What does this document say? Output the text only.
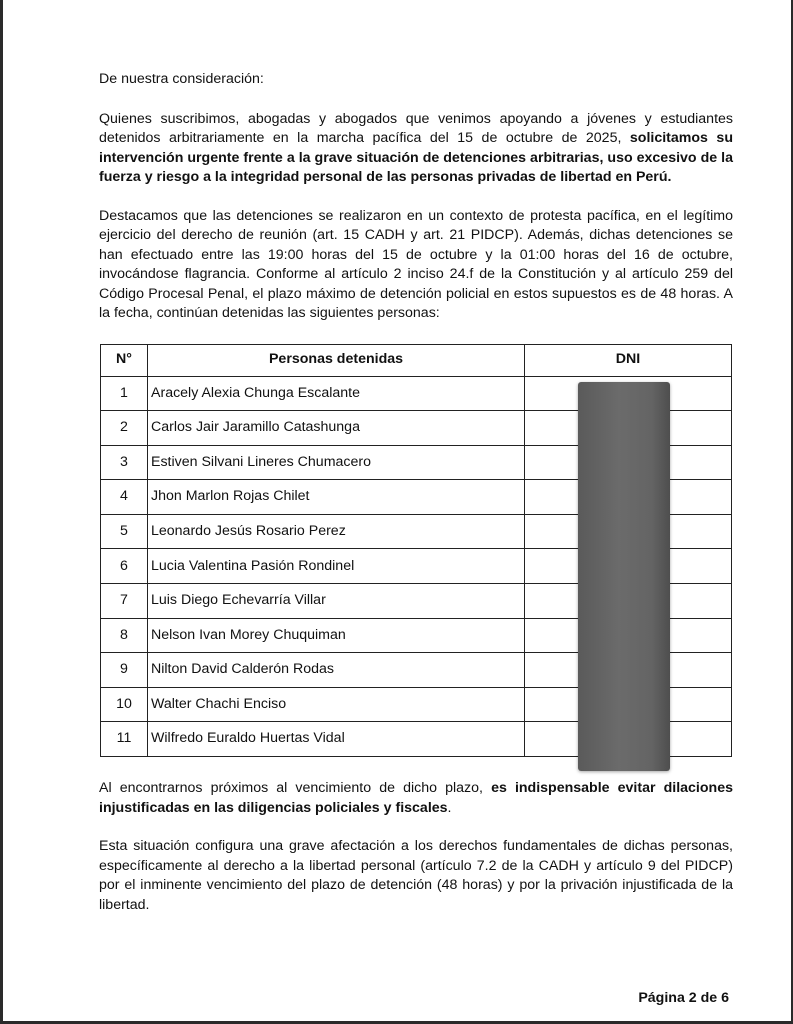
De nuestra consideración:

Quienes suscribimos, abogadas y abogados que venimos apoyando a jóvenes y estudiantes detenidos arbitrariamente en la marcha pacífica del 15 de octubre de 2025, solicitamos su intervención urgente frente a la grave situación de detenciones arbitrarias, uso excesivo de la fuerza y riesgo a la integridad personal de las personas privadas de libertad en Perú.

Destacamos que las detenciones se realizaron en un contexto de protesta pacífica, en el legítimo ejercicio del derecho de reunión (art. 15 CADH y art. 21 PIDCP). Además, dichas detenciones se han efectuado entre las 19:00 horas del 15 de octubre y la 01:00 horas del 16 de octubre, invocándose flagrancia. Conforme al artículo 2 inciso 24.f de la Constitución y al artículo 259 del Código Procesal Penal, el plazo máximo de detención policial en estos supuestos es de 48 horas. A la fecha, continúan detenidas las siguientes personas:

N°	Personas detenidas	DNI
1	Aracely Alexia Chunga Escalante	
2	Carlos Jair Jaramillo Catashunga	
3	Estiven Silvani Lineres Chumacero	
4	Jhon Marlon Rojas Chilet	
5	Leonardo Jesús Rosario Perez	
6	Lucia Valentina Pasión Rondinel	
7	Luis Diego Echevarría Villar	
8	Nelson Ivan Morey Chuquiman	
9	Nilton David Calderón Rodas	
10	Walter Chachi Enciso	
11	Wilfredo Euraldo Huertas Vidal	

Al encontrarnos próximos al vencimiento de dicho plazo, es indispensable evitar dilaciones injustificadas en las diligencias policiales y fiscales.

Esta situación configura una grave afectación a los derechos fundamentales de dichas personas, específicamente al derecho a la libertad personal (artículo 7.2 de la CADH y artículo 9 del PIDCP) por el inminente vencimiento del plazo de detención (48 horas) y por la privación injustificada de la libertad.

Página 2 de 6
